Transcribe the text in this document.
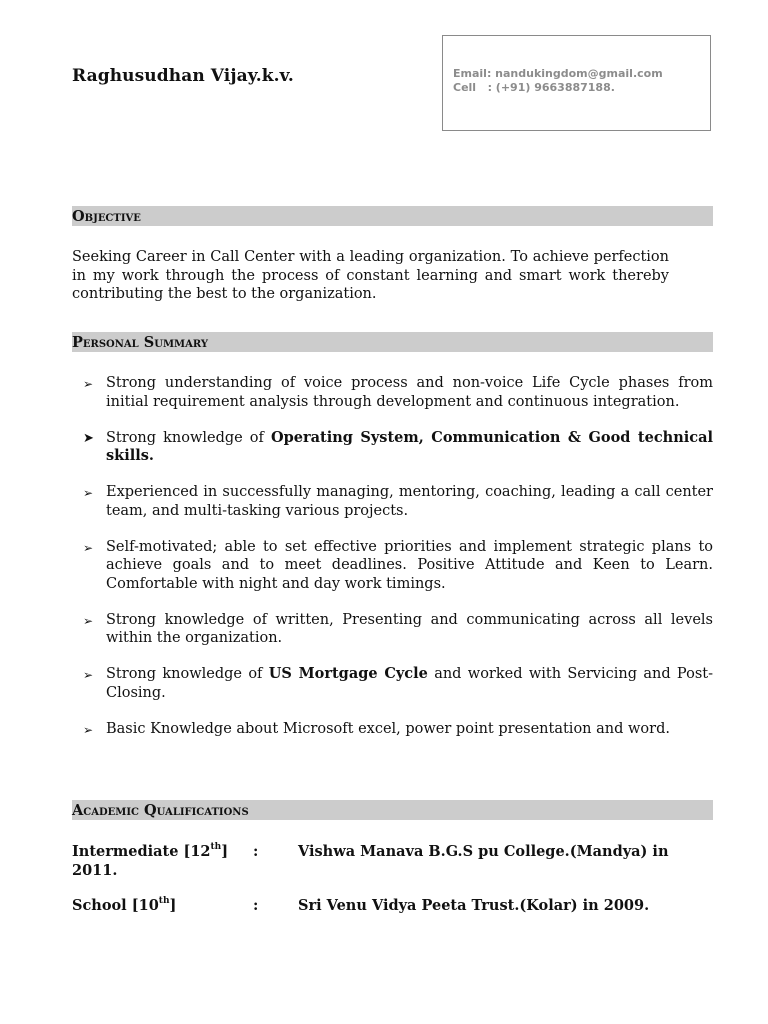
Raghusudhan Vijay.k.v.	Email: nandukingdom@gmail.com
Cell   : (+91) 9663887188.
Objective
Seeking Career in Call Center with a leading organization. To achieve perfection in my work through the process of constant learning and smart work thereby contributing the best to the organization.
Personal Summary
➢ Strong understanding of voice process and non-voice Life Cycle phases from initial requirement analysis through development and continuous integration.
➤ Strong knowledge of Operating System, Communication & Good technical skills.
➢ Experienced in successfully managing, mentoring, coaching, leading a call center team, and multi-tasking various projects.
➢ Self-motivated; able to set effective priorities and implement strategic plans to achieve goals and to meet deadlines. Positive Attitude and Keen to Learn. Comfortable with night and day work timings.
➢ Strong knowledge of written, Presenting and communicating across all levels within the organization.
➢ Strong knowledge of US Mortgage Cycle and worked with Servicing and Post-Closing.
➢ Basic Knowledge about Microsoft excel, power point presentation and word.
Academic Qualifications
Intermediate [12th] :	Vishwa Manava B.G.S pu College.(Mandya) in
2011.
School [10th]	:	Sri Venu Vidya Peeta Trust.(Kolar) in 2009.
